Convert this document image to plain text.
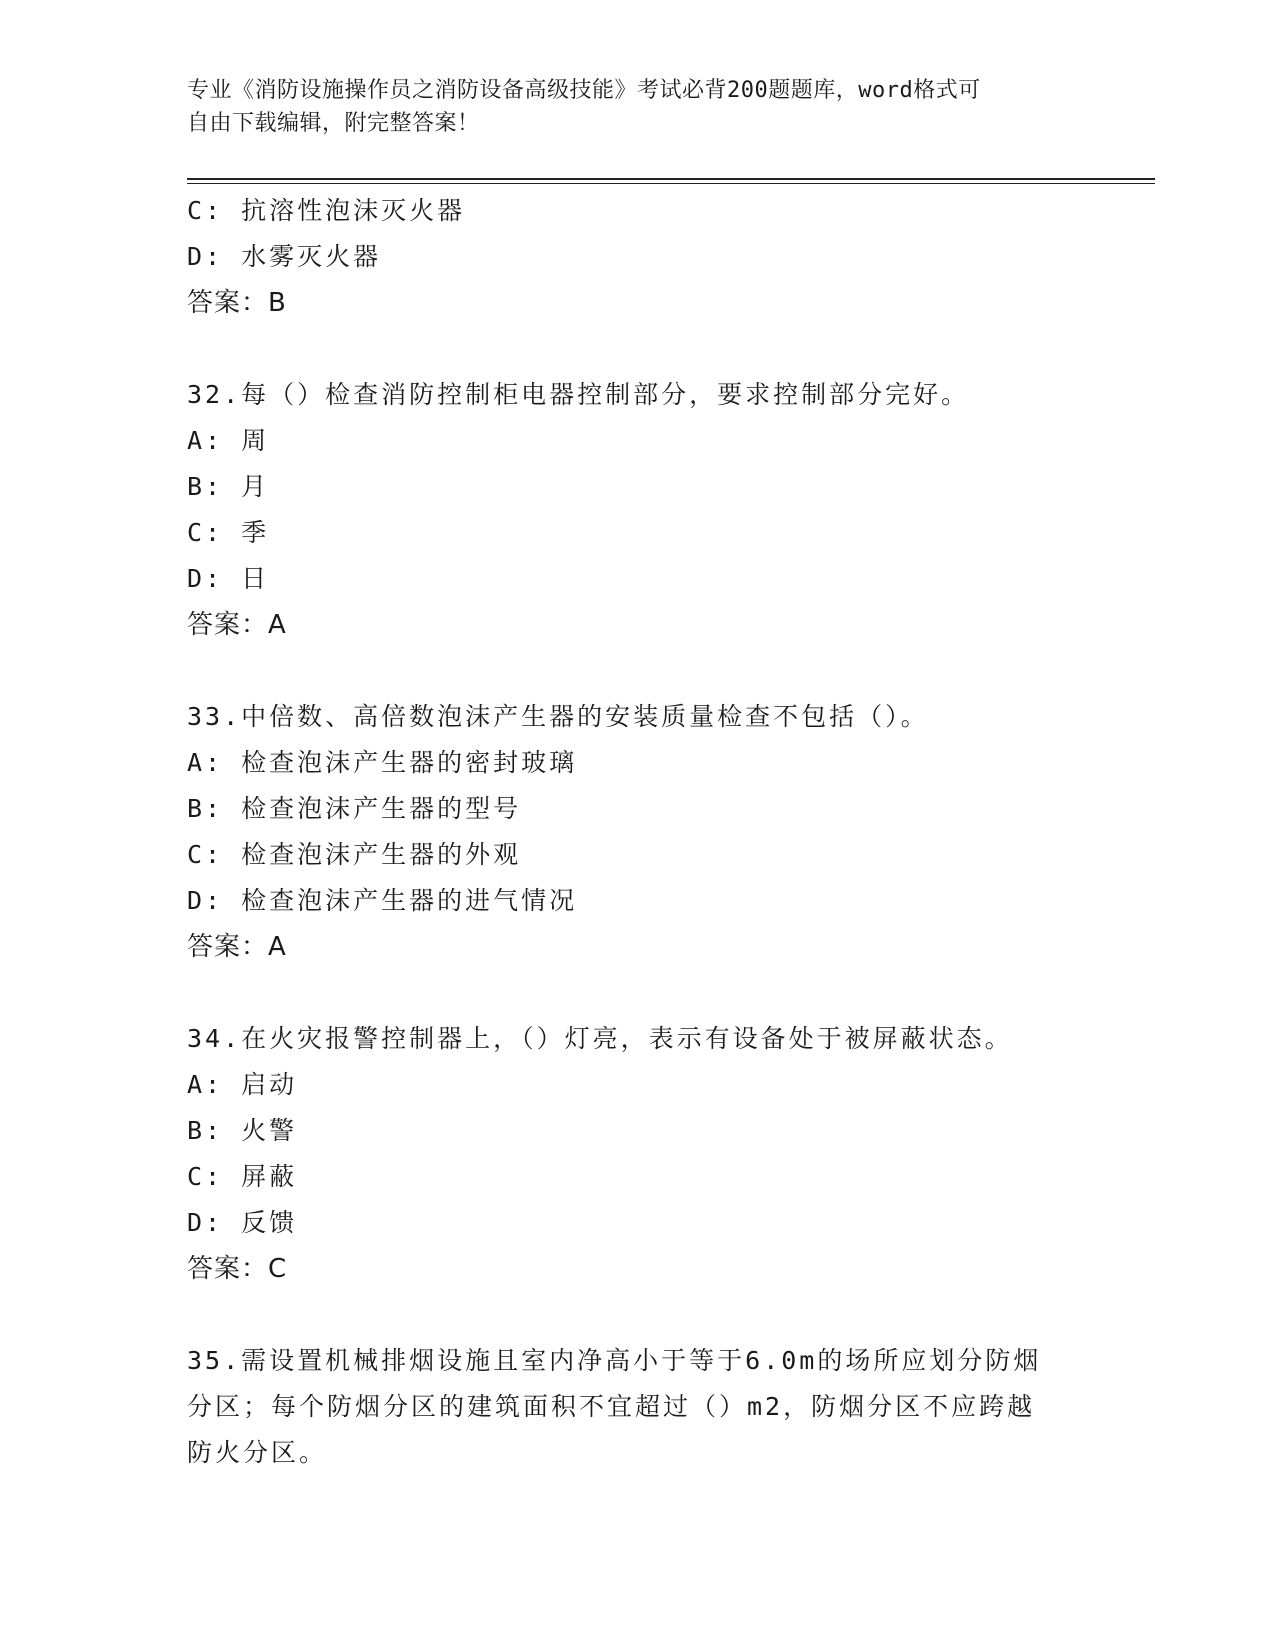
专业《消防设施操作员之消防设备高级技能》考试必背200题题库，word格式可
自由下载编辑，附完整答案！
C: 抗溶性泡沫灭火器
D: 水雾灭火器
答案：B
32.每（）检查消防控制柜电器控制部分，要求控制部分完好。
A: 周
B: 月
C: 季
D: 日
答案：A
33.中倍数、高倍数泡沫产生器的安装质量检查不包括（）。
A: 检查泡沫产生器的密封玻璃
B: 检查泡沫产生器的型号
C: 检查泡沫产生器的外观
D: 检查泡沫产生器的进气情况
答案：A
34.在火灾报警控制器上，（）灯亮，表示有设备处于被屏蔽状态。
A: 启动
B: 火警
C: 屏蔽
D: 反馈
答案：C
35.需设置机械排烟设施且室内净高小于等于6.0m的场所应划分防烟
分区；每个防烟分区的建筑面积不宜超过（）m2，防烟分区不应跨越
防火分区。
